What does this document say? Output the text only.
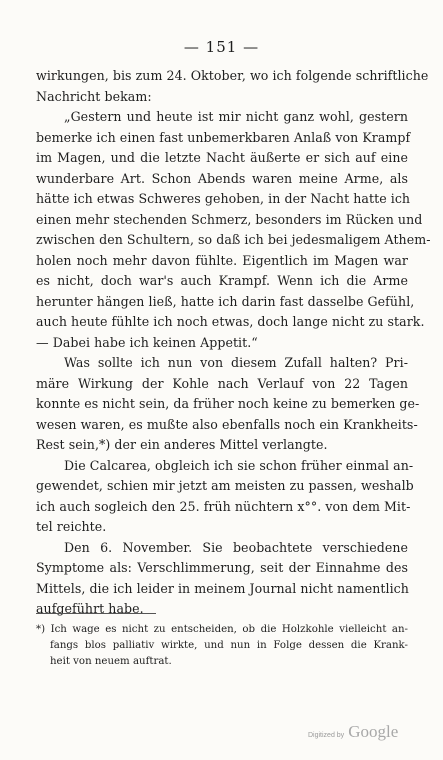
— 151 —
wirkungen, bis zum 24. Oktober, wo ich folgende schriftliche
Nachricht bekam:
„Gestern und heute ist mir nicht ganz wohl, gestern
bemerke ich einen fast unbemerkbaren Anlaß von Krampf
im Magen, und die letzte Nacht äußerte er sich auf eine
wunderbare Art. Schon Abends waren meine Arme, als
hätte ich etwas Schweres gehoben, in der Nacht hatte ich
einen mehr stechenden Schmerz, besonders im Rücken und
zwischen den Schultern, so daß ich bei jedesmaligem Athem-
holen noch mehr davon fühlte. Eigentlich im Magen war
es nicht, doch war's auch Krampf. Wenn ich die Arme
herunter hängen ließ, hatte ich darin fast dasselbe Gefühl,
auch heute fühlte ich noch etwas, doch lange nicht zu stark.
— Dabei habe ich keinen Appetit.“
Was sollte ich nun von diesem Zufall halten? Pri-
märe Wirkung der Kohle nach Verlauf von 22 Tagen
konnte es nicht sein, da früher noch keine zu bemerken ge-
wesen waren, es mußte also ebenfalls noch ein Krankheits-
Rest sein,*) der ein anderes Mittel verlangte.
Die Calcarea, obgleich ich sie schon früher einmal an-
gewendet, schien mir jetzt am meisten zu passen, weshalb
ich auch sogleich den 25. früh nüchtern x°°. von dem Mit-
tel reichte.
Den 6. November. Sie beobachtete verschiedene
Symptome als: Verschlimmerung, seit der Einnahme des
Mittels, die ich leider in meinem Journal nicht namentlich
aufgeführt habe.
*) Ich wage es nicht zu entscheiden, ob die Holzkohle vielleicht an-
fangs blos palliativ wirkte, und nun in Folge dessen die Krank-
heit von neuem auftrat.
Digitized by Google
